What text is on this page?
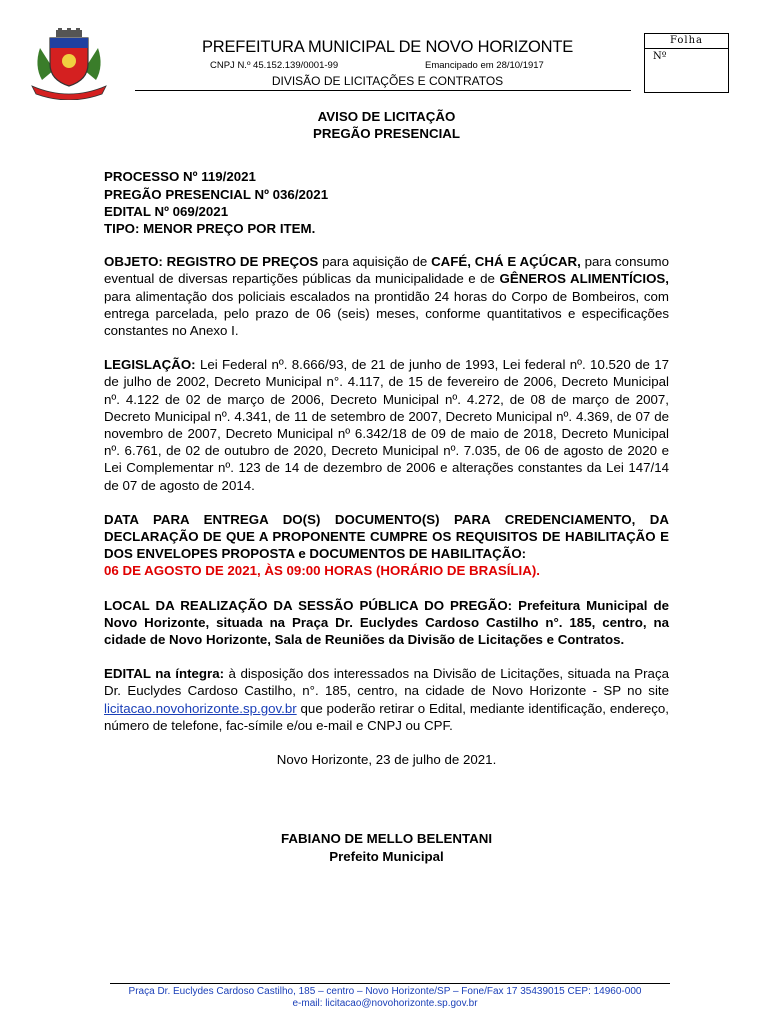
PREFEITURA MUNICIPAL DE NOVO HORIZONTE
CNPJ N.º 45.152.139/0001-99	Emancipado em 28/10/1917
DIVISÃO DE LICITAÇÕES E CONTRATOS
Folha
Nº

AVISO DE LICITAÇÃO

PREGÃO PRESENCIAL

PROCESSO Nº 119/2021

PREGÃO PRESENCIAL Nº 036/2021

EDITAL Nº 069/2021

TIPO: MENOR PREÇO POR ITEM.

OBJETO: REGISTRO DE PREÇOS para aquisição de CAFÉ, CHÁ E AÇÚCAR, para consumo eventual de diversas repartições públicas da municipalidade e de GÊNEROS ALIMENTÍCIOS, para alimentação dos policiais escalados na prontidão 24 horas do Corpo de Bombeiros, com entrega parcelada, pelo prazo de 06 (seis) meses, conforme quantitativos e especificações constantes no Anexo I.

LEGISLAÇÃO: Lei Federal nº. 8.666/93, de 21 de junho de 1993, Lei federal nº. 10.520 de 17 de julho de 2002, Decreto Municipal n°. 4.117, de 15 de fevereiro de 2006, Decreto Municipal nº. 4.122 de 02 de março de 2006, Decreto Municipal nº. 4.272, de 08 de março de 2007, Decreto Municipal nº. 4.341, de 11 de setembro de 2007, Decreto Municipal nº. 4.369, de 07 de novembro de 2007, Decreto Municipal nº 6.342/18 de 09 de maio de 2018, Decreto Municipal nº. 6.761, de 02 de outubro de 2020, Decreto Municipal nº. 7.035, de 06 de agosto de 2020 e Lei Complementar nº. 123 de 14 de dezembro de 2006 e alterações constantes da Lei 147/14 de 07 de agosto de 2014.

DATA PARA ENTREGA DO(S) DOCUMENTO(S) PARA CREDENCIAMENTO, DA DECLARAÇÃO DE QUE A PROPONENTE CUMPRE OS REQUISITOS DE HABILITAÇÃO E DOS ENVELOPES PROPOSTA e DOCUMENTOS DE HABILITAÇÃO:

06 DE AGOSTO DE 2021, ÀS 09:00 HORAS (HORÁRIO DE BRASÍLIA).

LOCAL DA REALIZAÇÃO DA SESSÃO PÚBLICA DO PREGÃO: Prefeitura Municipal de Novo Horizonte, situada na Praça Dr. Euclydes Cardoso Castilho n°. 185, centro, na cidade de Novo Horizonte, Sala de Reuniões da Divisão de Licitações e Contratos.

EDITAL na íntegra: à disposição dos interessados na Divisão de Licitações, situada na Praça Dr. Euclydes Cardoso Castilho, n°. 185, centro, na cidade de Novo Horizonte - SP no site licitacao.novohorizonte.sp.gov.br que poderão retirar o Edital, mediante identificação, endereço, número de telefone, fac-símile e/ou e-mail e CNPJ ou CPF.

Novo Horizonte, 23 de julho de 2021.

FABIANO DE MELLO BELENTANI

Prefeito Municipal

Praça Dr. Euclydes Cardoso Castilho, 185 – centro – Novo Horizonte/SP – Fone/Fax 17 35439015 CEP: 14960-000
e-mail: licitacao@novohorizonte.sp.gov.br
